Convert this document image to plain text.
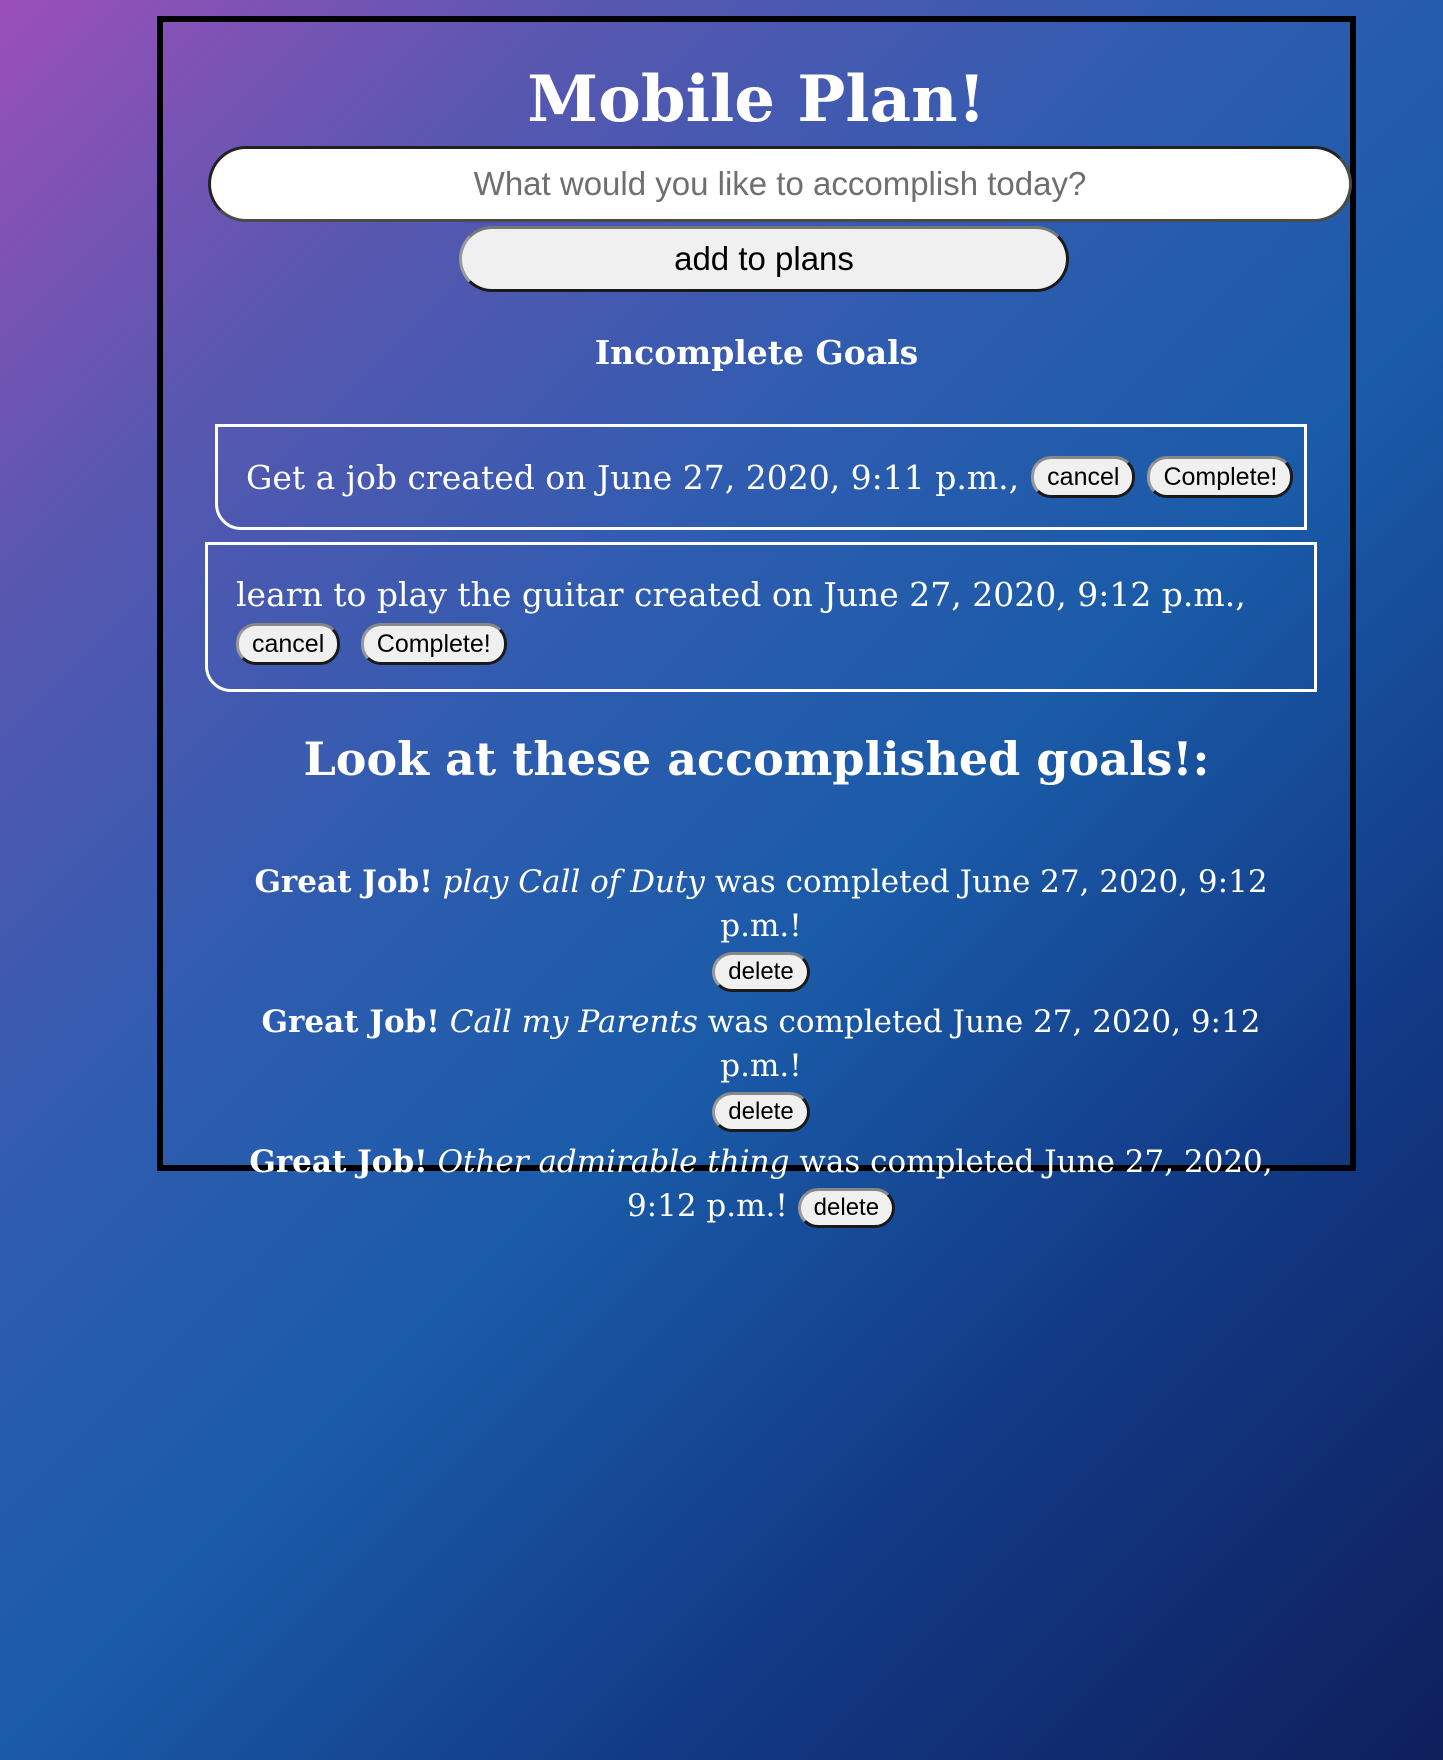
Mobile Plan!
What would you like to accomplish today?
add to plans
Incomplete Goals
Get a job created on June 27, 2020, 9:11 p.m.,	cancel	Complete!
learn to play the guitar created on June 27, 2020, 9:12 p.m.,
cancel Complete!
Look at these accomplished goals!:
Great Job! play Call of Duty was completed June 27, 2020, 9:12 p.m.!
delete
Great Job! Call my Parents was completed June 27, 2020, 9:12 p.m.!
delete
Great Job! Other admirable thing was completed June 27, 2020, 9:12 p.m.! delete
